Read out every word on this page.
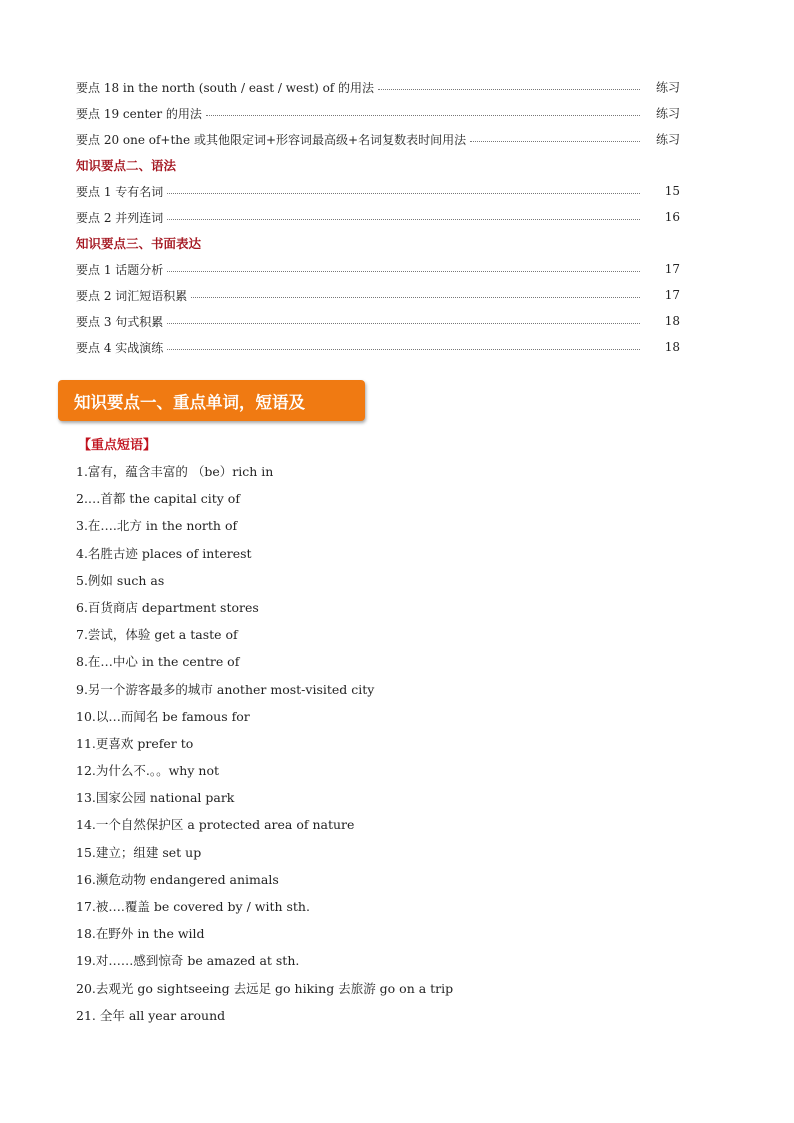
要点 18 in the north (south / east / west) of 的用法	练习
要点 19 center 的用法	练习
要点 20 one of+the 或其他限定词+形容词最高级+名词复数表时间用法	练习
知识要点二、语法
要点 1 专有名词	15
要点 2 并列连词	16
知识要点三、书面表达
要点 1 话题分析	17
要点 2 词汇短语积累	17
要点 3 句式积累	18
要点 4 实战演练	18
知识要点一、重点单词，短语及
【重点短语】
1.富有，蕴含丰富的 （be）rich in
2.…首都 the capital city of
3.在….北方 in the north of
4.名胜古迹 places of interest
5.例如 such as
6.百货商店 department stores
7.尝试，体验 get a taste of
8.在…中心 in the centre of
9.另一个游客最多的城市 another most-visited city
10.以…而闻名 be famous for
11.更喜欢 prefer to
12.为什么不.。。why not
13.国家公园 national park
14.一个自然保护区 a protected area of nature
15.建立；组建 set up
16.濒危动物 endangered animals
17.被….覆盖 be covered by / with sth.
18.在野外 in the wild
19.对……感到惊奇 be amazed at sth.
20.去观光 go sightseeing 去远足 go hiking 去旅游 go on a trip
21. 全年 all year around
